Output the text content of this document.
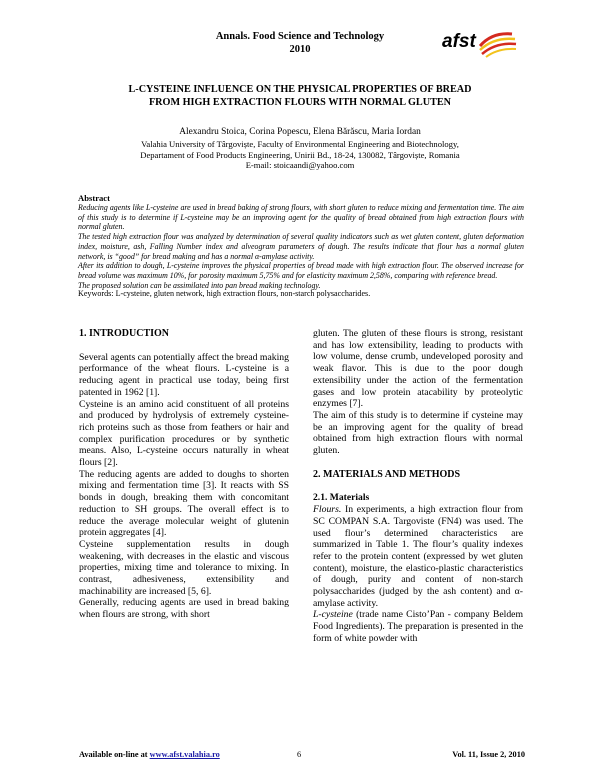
Annals. Food Science and Technology
2010	afst
L-CYSTEINE INFLUENCE ON THE PHYSICAL PROPERTIES OF BREAD
FROM HIGH EXTRACTION FLOURS WITH NORMAL GLUTEN
Alexandru Stoica, Corina Popescu, Elena Bărăscu, Maria Iordan
Valahia University of Târgoviște, Faculty of Environmental Engineering and Biotechnology,
Departament of Food Products Engineering, Unirii Bd., 18-24, 130082, Târgoviște, Romania
E-mail: stoicaandi@yahoo.com
Abstract

Reducing agents like L-cysteine are used in bread baking of strong flours, with short gluten to reduce mixing and fermentation time. The aim of this study is to determine if L-cysteine may be an improving agent for the quality of bread obtained from high extraction flours with normal gluten.

The tested high extraction flour was analyzed by determination of several quality indicators such as wet gluten content, gluten deformation index, moisture, ash, Falling Number index and alveogram parameters of dough. The results indicate that flour has a normal gluten network, is “good” for bread making and has a normal α-amylase activity.

After its addition to dough, L-cysteine improves the physical properties of bread made with high extraction flour. The observed increase for bread volume was maximum 10%, for porosity maximum 5,75% and for elasticity maximum 2,58%, comparing with reference bread.

The proposed solution can be assimilated into pan bread making technology.

Keywords: L-cysteine, gluten network, high extraction flours, non-starch polysaccharides.

1. INTRODUCTION

Several agents can potentially affect the bread making performance of the wheat flours. L-cysteine is a reducing agent in practical use today, being first patented in 1962 [1].

Cysteine is an amino acid constituent of all proteins and produced by hydrolysis of extremely cysteine-rich proteins such as those from feathers or hair and complex purification procedures or by synthetic means. Also, L-cysteine occurs naturally in wheat flours [2].

The reducing agents are added to doughs to shorten mixing and fermentation time [3]. It reacts with SS bonds in dough, breaking them with concomitant reduction to SH groups. The overall effect is to reduce the average molecular weight of glutenin protein aggregates [4].

Cysteine supplementation results in dough weakening, with decreases in the elastic and viscous properties, mixing time and tolerance to mixing. In contrast, adhesiveness, extensibility and machinability are increased [5, 6].

Generally, reducing agents are used in bread baking when flours are strong, with short

gluten. The gluten of these flours is strong, resistant and has low extensibility, leading to products with low volume, dense crumb, undeveloped porosity and weak flavor. This is due to the poor dough extensibility under the action of the fermentation gases and low protein atacability by proteolytic enzymes [7].

The aim of this study is to determine if cysteine may be an improving agent for the quality of bread obtained from high extraction flours with normal gluten.

2. MATERIALS AND METHODS

2.1. Materials

Flours. In experiments, a high extraction flour from SC COMPAN S.A. Targoviste (FN4) was used. The used flour’s determined characteristics are summarized in Table 1. The flour’s quality indexes refer to the protein content (expressed by wet gluten content), moisture, the elastico-plastic characteristics of dough, purity and content of non-starch polysaccharides (judged by the ash content) and α-amylase activity.

L-cysteine (trade name Cisto’Pan - company Beldem Food Ingredients). The preparation is presented in the form of white powder with

Available on-line at www.afst.valahia.ro	6	Vol. 11, Issue 2, 2010
